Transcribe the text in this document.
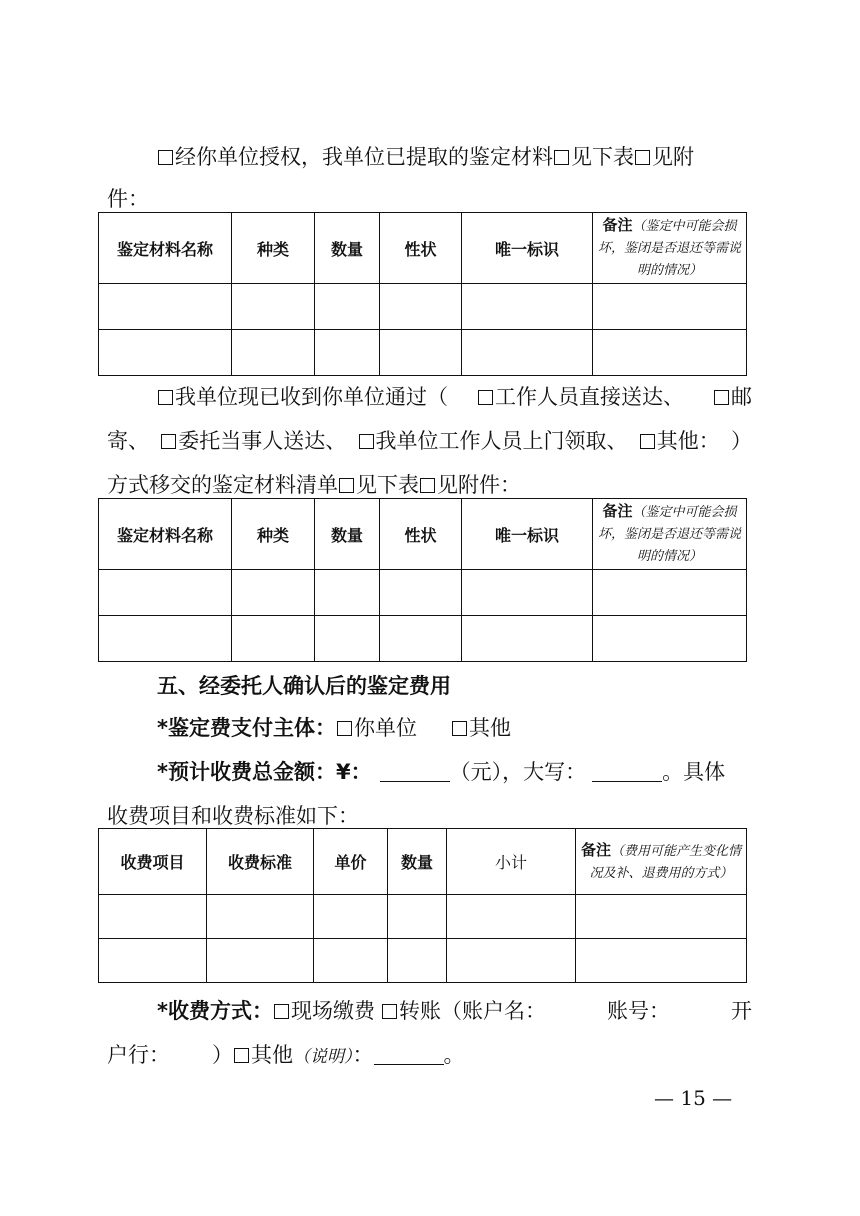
经你单位授权，我单位已提取的鉴定材料 见下表 见附
件：
鉴定材料名称	种类	数量	性状	唯一标识	备注（鉴定中可能会损坏，鉴闭是否退还等需说明的情况）

我单位现已收到你单位通过（	工作人员直接送达、	邮
寄、	委托当事人送达、	我单位工作人员上门领取、	其他： ）
方式移交的鉴定材料清单 见下表 见附件：
鉴定材料名称	种类	数量	性状	唯一标识	备注（鉴定中可能会损坏，鉴闭是否退还等需说明的情况）

五、经委托人确认后的鉴定费用
*鉴定费支付主体： 你单位 其他
*预计收费总金额：¥：	（元），大写：	。具体
收费项目和收费标准如下：
收费项目	收费标准	单价	数量	小计	备注（费用可能产生变化情况及补、退费用的方式）

*收费方式： 现场缴费 转账（账户名：	账号：	开
户行： ） 其他（说明）：	。
— 15 —
